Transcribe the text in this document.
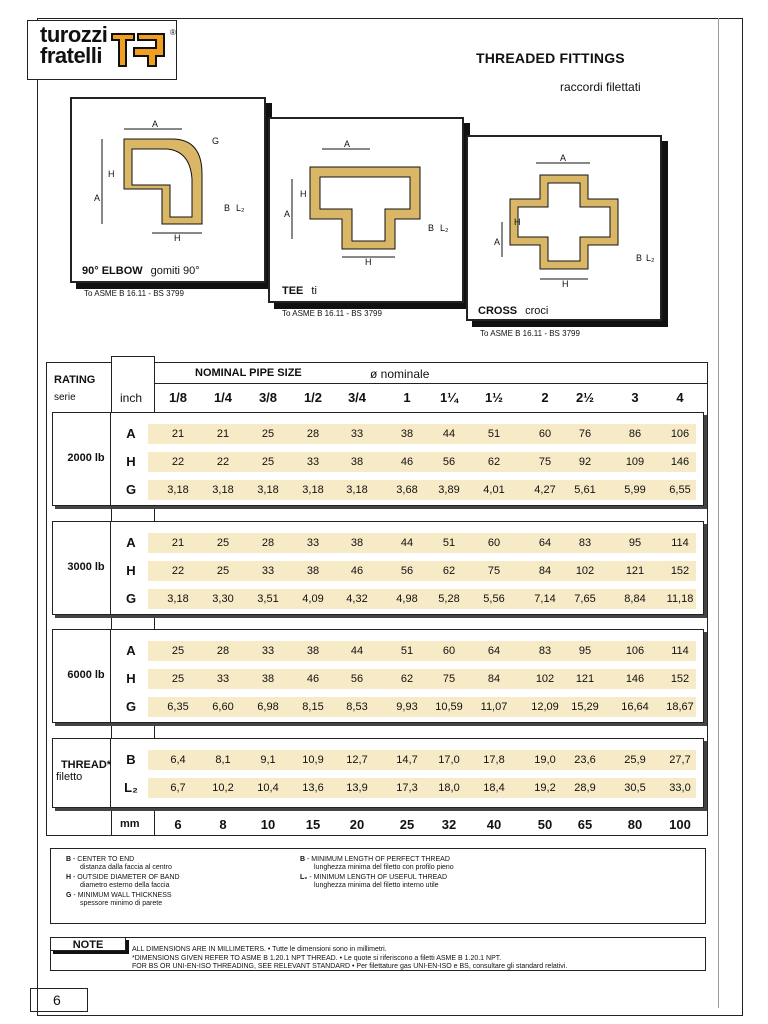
turozzi
fratelli
®
THREADED FITTINGS
raccordi filettati
A
A
H
H
G
B L₂
90° ELBOW gomiti 90°
To ASME B 16.11 - BS 3799
A
A
H
H
B L₂
TEE ti
To ASME B 16.11 - BS 3799
A
A
H
H
B L₂
CROSS croci
To ASME B 16.11 - BS 3799
RATING
serie	inch
NOMINAL PIPE SIZE	ø nominale
1/8	1/4	3/8	1/2	3/4	1	1¼	1½	2	2½	3	4
2000 lb
A	21	21	25	28	33	38	44	51	60	76	86	106
H	22	22	25	33	38	46	56	62	75	92	109	146
G	3,18	3,18	3,18	3,18	3,18	3,68	3,89	4,01	4,27	5,61	5,99	6,55
3000 lb
A	21	25	28	33	38	44	51	60	64	83	95	114
H	22	25	33	38	46	56	62	75	84	102	121	152
G	3,18	3,30	3,51	4,09	4,32	4,98	5,28	5,56	7,14	7,65	8,84	11,18
6000 lb
A	25	28	33	38	44	51	60	64	83	95	106	114
H	25	33	38	46	56	62	75	84	102	121	146	152
G	6,35	6,60	6,98	8,15	8,53	9,93	10,59	11,07	12,09	15,29	16,64	18,67
THREAD*
filetto
B	6,4	8,1	9,1	10,9	12,7	14,7	17,0	17,8	19,0	23,6	25,9	27,7
L₂	6,7	10,2	10,4	13,6	13,9	17,3	18,0	18,4	19,2	28,9	30,5	33,0
mm	6	8	10	15	20	25	32	40	50	65	80	100
B - CENTER TO END
distanza dalla faccia al centro
H - OUTSIDE DIAMETER OF BAND
diametro esterno della faccia
G - MINIMUM WALL THICKNESS
spessore minimo di parete
B - MINIMUM LENGTH OF PERFECT THREAD
lunghezza minima del filetto con profilo pieno
L₂ - MINIMUM LENGTH OF USEFUL THREAD
lunghezza minima del filetto interno utile
NOTE	ALL DIMENSIONS ARE IN MILLIMETERS. • Tutte le dimensioni sono in millimetri.
*DIMENSIONS GIVEN REFER TO ASME B 1.20.1 NPT THREAD. • Le quote si riferiscono a filetti ASME B 1.20.1 NPT.
FOR BS OR UNI-EN-ISO THREADING, SEE RELEVANT STANDARD • Per filettature gas UNI-EN-ISO e BS, consultare gli standard relativi.
6
